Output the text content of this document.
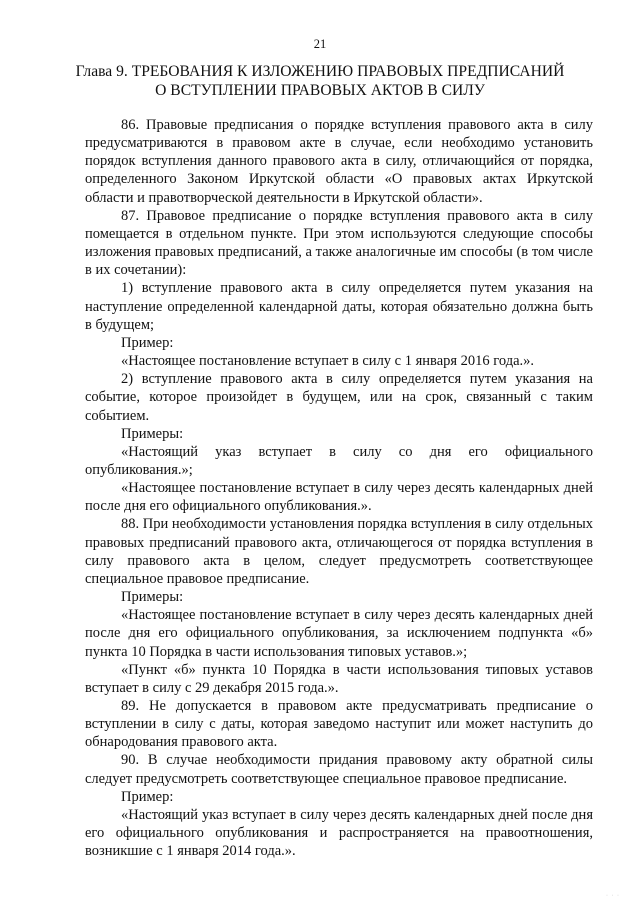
21
Глава 9. ТРЕБОВАНИЯ К ИЗЛОЖЕНИЮ ПРАВОВЫХ ПРЕДПИСАНИЙ
О ВСТУПЛЕНИИ ПРАВОВЫХ АКТОВ В СИЛУ

86. Правовые предписания о порядке вступления правового акта в силу предусматриваются в правовом акте в случае, если необходимо установить порядок вступления данного правового акта в силу, отличающийся от порядка, определенного Законом Иркутской области «О правовых актах Иркутской области и правотворческой деятельности в Иркутской области».

87. Правовое предписание о порядке вступления правового акта в силу помещается в отдельном пункте. При этом используются следующие способы изложения правовых предписаний, а также аналогичные им способы (в том числе в их сочетании):

1) вступление правового акта в силу определяется путем указания на наступление определенной календарной даты, которая обязательно должна быть в будущем;

Пример:

«Настоящее постановление вступает в силу с 1 января 2016 года.».

2) вступление правового акта в силу определяется путем указания на событие, которое произойдет в будущем, или на срок, связанный с таким событием.

Примеры:

«Настоящий указ вступает в силу со дня его официального опубликования.»;

«Настоящее постановление вступает в силу через десять календарных дней после дня его официального опубликования.».

88. При необходимости установления порядка вступления в силу отдельных правовых предписаний правового акта, отличающегося от порядка вступления в силу правового акта в целом, следует предусмотреть соответствующее специальное правовое предписание.

Примеры:

«Настоящее постановление вступает в силу через десять календарных дней после дня его официального опубликования, за исключением подпункта «б» пункта 10 Порядка в части использования типовых уставов.»;

«Пункт «б» пункта 10 Порядка в части использования типовых уставов вступает в силу с 29 декабря 2015 года.».

89. Не допускается в правовом акте предусматривать предписание о вступлении в силу с даты, которая заведомо наступит или может наступить до обнародования правового акта.

90. В случае необходимости придания правовому акту обратной силы следует предусмотреть соответствующее специальное правовое предписание.

Пример:

«Настоящий указ вступает в силу через десять календарных дней после дня его официального опубликования и распространяется на правоотношения, возникшие с 1 января 2014 года.».

· · ·
